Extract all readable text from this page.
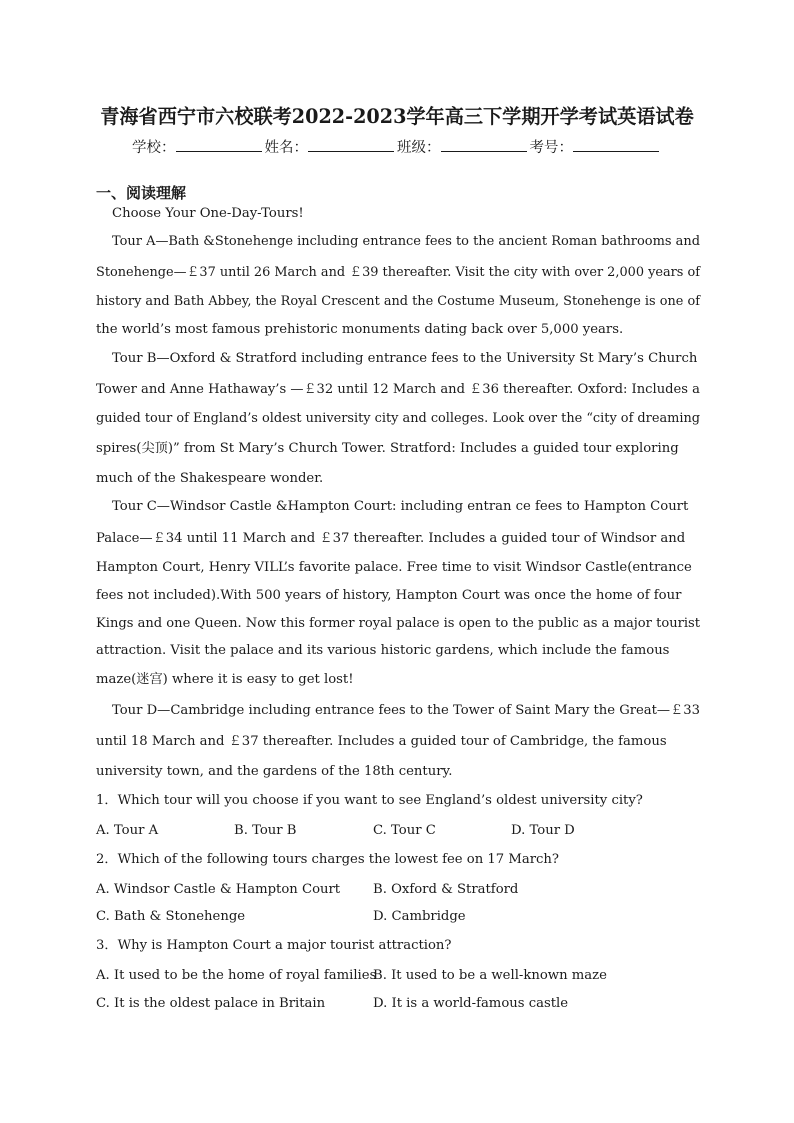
青海省西宁市六校联考2022-2023学年高三下学期开学考试英语试卷
学校：	姓名：	班级：	考号：
一、阅读理解
Choose Your One-Day-Tours!
Tour A—Bath &Stonehenge including entrance fees to the ancient Roman bathrooms and
Stonehenge—￡37 until 26 March and ￡39 thereafter. Visit the city with over 2,000 years of
history and Bath Abbey, the Royal Crescent and the Costume Museum, Stonehenge is one of
the world’s most famous prehistoric monuments dating back over 5,000 years.
Tour B—Oxford & Stratford including entrance fees to the University St Mary’s Church
Tower and Anne Hathaway’s —￡32 until 12 March and ￡36 thereafter. Oxford: Includes a
guided tour of England’s oldest university city and colleges. Look over the “city of dreaming
spires(尖顶)” from St Mary’s Church Tower. Stratford: Includes a guided tour exploring
much of the Shakespeare wonder.
Tour C—Windsor Castle &Hampton Court: including entran ce fees to Hampton Court
Palace—￡34 until 11 March and ￡37 thereafter. Includes a guided tour of Windsor and
Hampton Court, Henry VILL’s favorite palace. Free time to visit Windsor Castle(entrance
fees not included).With 500 years of history, Hampton Court was once the home of four
Kings and one Queen. Now this former royal palace is open to the public as a major tourist
attraction. Visit the palace and its various historic gardens, which include the famous
maze(迷宫) where it is easy to get lost!
Tour D—Cambridge including entrance fees to the Tower of Saint Mary the Great—￡33
until 18 March and ￡37 thereafter. Includes a guided tour of Cambridge, the famous
university town, and the gardens of the 18th century.
1．Which tour will you choose if you want to see England’s oldest university city?
A. Tour A	B. Tour B	C. Tour C	D. Tour D
2．Which of the following tours charges the lowest fee on 17 March?
A. Windsor Castle & Hampton Court B. Oxford & Stratford
C. Bath & Stonehenge	D. Cambridge
3．Why is Hampton Court a major tourist attraction?
A. It used to be the home of royal families
B. It used to be a well-known maze
C. It is the oldest palace in Britain	D. It is a world-famous castle
